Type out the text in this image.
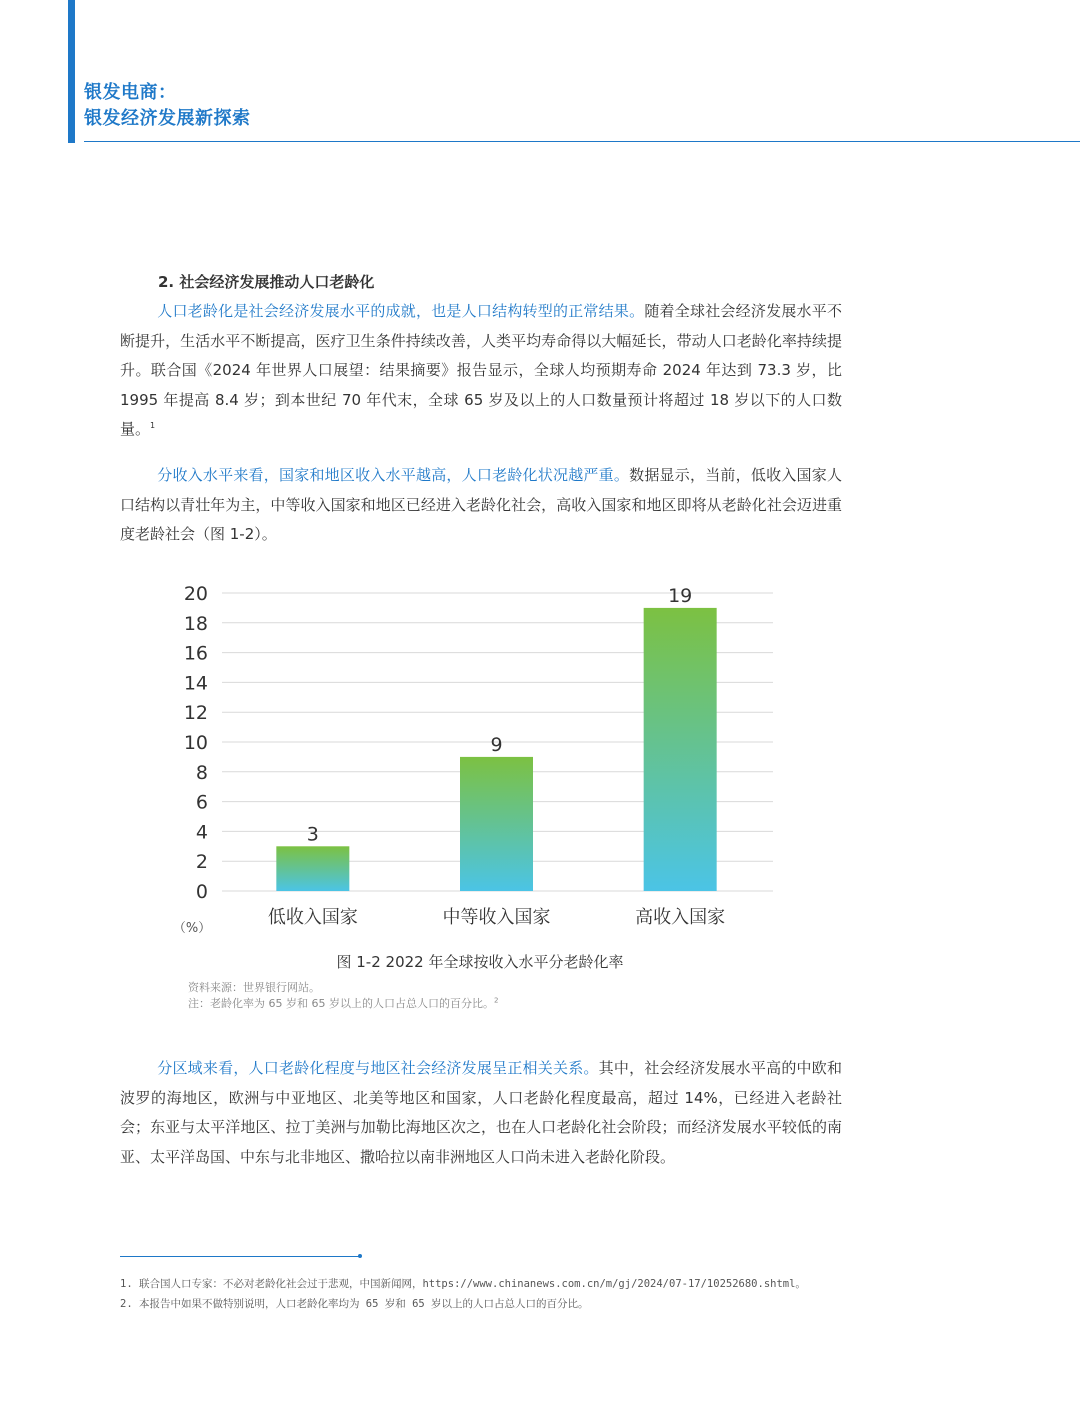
银发电商：
银发经济发展新探索
2. 社会经济发展推动人口老龄化
人口老龄化是社会经济发展水平的成就，也是人口结构转型的正常结果。随着全球社会经济发展水平不断提升，生活水平不断提高，医疗卫生条件持续改善，人类平均寿命得以大幅延长，带动人口老龄化率持续提升。联合国《2024 年世界人口展望：结果摘要》报告显示，全球人均预期寿命 2024 年达到 73.3 岁，比 1995 年提高 8.4 岁；到本世纪 70 年代末，全球 65 岁及以上的人口数量预计将超过 18 岁以下的人口数量。$^1$
分收入水平来看，国家和地区收入水平越高，人口老龄化状况越严重。数据显示，当前，低收入国家人口结构以青壮年为主，中等收入国家和地区已经进入老龄化社会，高收入国家和地区即将从老龄化社会迈进重度老龄社会（图 1-2）。
0
2
4
6
8
10
12
14
16
18
20
3
9
19
低收入国家	中等收入国家	高收入国家
（%）
图 1-2 2022 年全球按收入水平分老龄化率
资料来源：世界银行网站。
注：老龄化率为 65 岁和 65 岁以上的人口占总人口的百分比。$^2$
分区域来看，人口老龄化程度与地区社会经济发展呈正相关关系。其中，社会经济发展水平高的中欧和波罗的海地区，欧洲与中亚地区、北美等地区和国家，人口老龄化程度最高，超过 14%，已经进入老龄社会；东亚与太平洋地区、拉丁美洲与加勒比海地区次之，也在人口老龄化社会阶段；而经济发展水平较低的南亚、太平洋岛国、中东与北非地区、撒哈拉以南非洲地区人口尚未进入老龄化阶段。
1. 联合国人口专家：不必对老龄化社会过于悲观，中国新闻网，https://www.chinanews.com.cn/m/gj/2024/07-17/10252680.shtml。
2. 本报告中如果不做特别说明，人口老龄化率均为 65 岁和 65 岁以上的人口占总人口的百分比。
